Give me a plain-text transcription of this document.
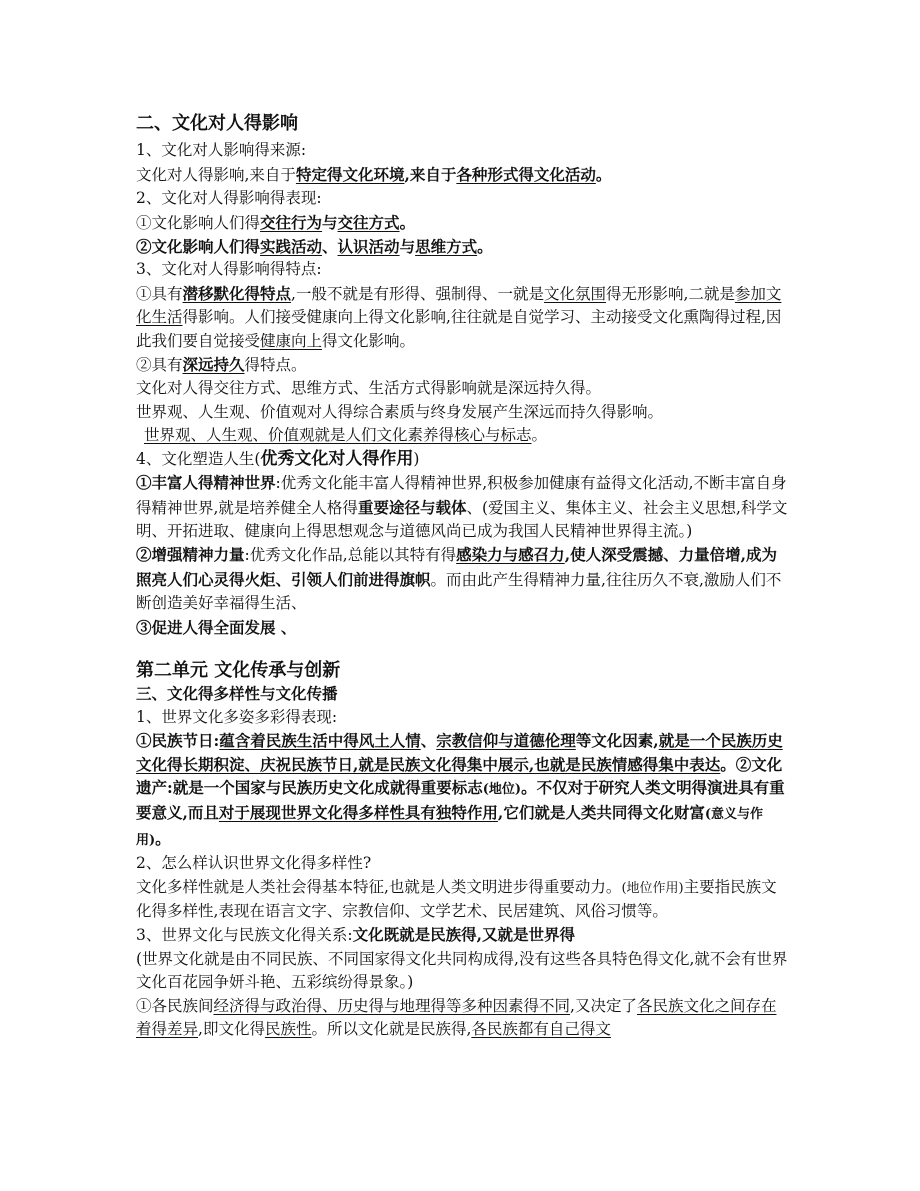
二、文化对人得影响

1、文化对人影响得来源:

文化对人得影响,来自于特定得文化环境,来自于各种形式得文化活动。

2、文化对人得影响得表现:

①文化影响人们得交往行为与交往方式。

②文化影响人们得实践活动、认识活动与思维方式。

3、文化对人得影响得特点:

①具有潜移默化得特点,一般不就是有形得、强制得、一就是文化氛围得无形影响,二就是参加文化生活得影响。人们接受健康向上得文化影响,往往就是自觉学习、主动接受文化熏陶得过程,因此我们要自觉接受健康向上得文化影响。

②具有深远持久得特点。

文化对人得交往方式、思维方式、生活方式得影响就是深远持久得。

世界观、人生观、价值观对人得综合素质与终身发展产生深远而持久得影响。

世界观、人生观、价值观就是人们文化素养得核心与标志。

4、文化塑造人生(优秀文化对人得作用)

①丰富人得精神世界:优秀文化能丰富人得精神世界,积极参加健康有益得文化活动,不断丰富自身得精神世界,就是培养健全人格得重要途径与载体、(爱国主义、集体主义、社会主义思想,科学文明、开拓进取、健康向上得思想观念与道德风尚已成为我国人民精神世界得主流。)

②增强精神力量:优秀文化作品,总能以其特有得感染力与感召力,使人深受震撼、力量倍增,成为照亮人们心灵得火炬、引领人们前进得旗帜。而由此产生得精神力量,往往历久不衰,激励人们不断创造美好幸福得生活、

③促进人得全面发展 、

第二单元 文化传承与创新

三、文化得多样性与文化传播

1、世界文化多姿多彩得表现:

①民族节日:蕴含着民族生活中得风土人情、宗教信仰与道德伦理等文化因素,就是一个民族历史文化得长期积淀、庆祝民族节日,就是民族文化得集中展示,也就是民族情感得集中表达。②文化遗产:就是一个国家与民族历史文化成就得重要标志(地位)。不仅对于研究人类文明得演进具有重要意义,而且对于展现世界文化得多样性具有独特作用,它们就是人类共同得文化财富(意义与作用)。

2、怎么样认识世界文化得多样性?

文化多样性就是人类社会得基本特征,也就是人类文明进步得重要动力。(地位作用)主要指民族文化得多样性,表现在语言文字、宗教信仰、文学艺术、民居建筑、风俗习惯等。

3、世界文化与民族文化得关系:文化既就是民族得,又就是世界得

(世界文化就是由不同民族、不同国家得文化共同构成得,没有这些各具特色得文化,就不会有世界文化百花园争妍斗艳、五彩缤纷得景象。)

①各民族间经济得与政治得、历史得与地理得等多种因素得不同,又决定了各民族文化之间存在着得差异,即文化得民族性。所以文化就是民族得,各民族都有自己得文
